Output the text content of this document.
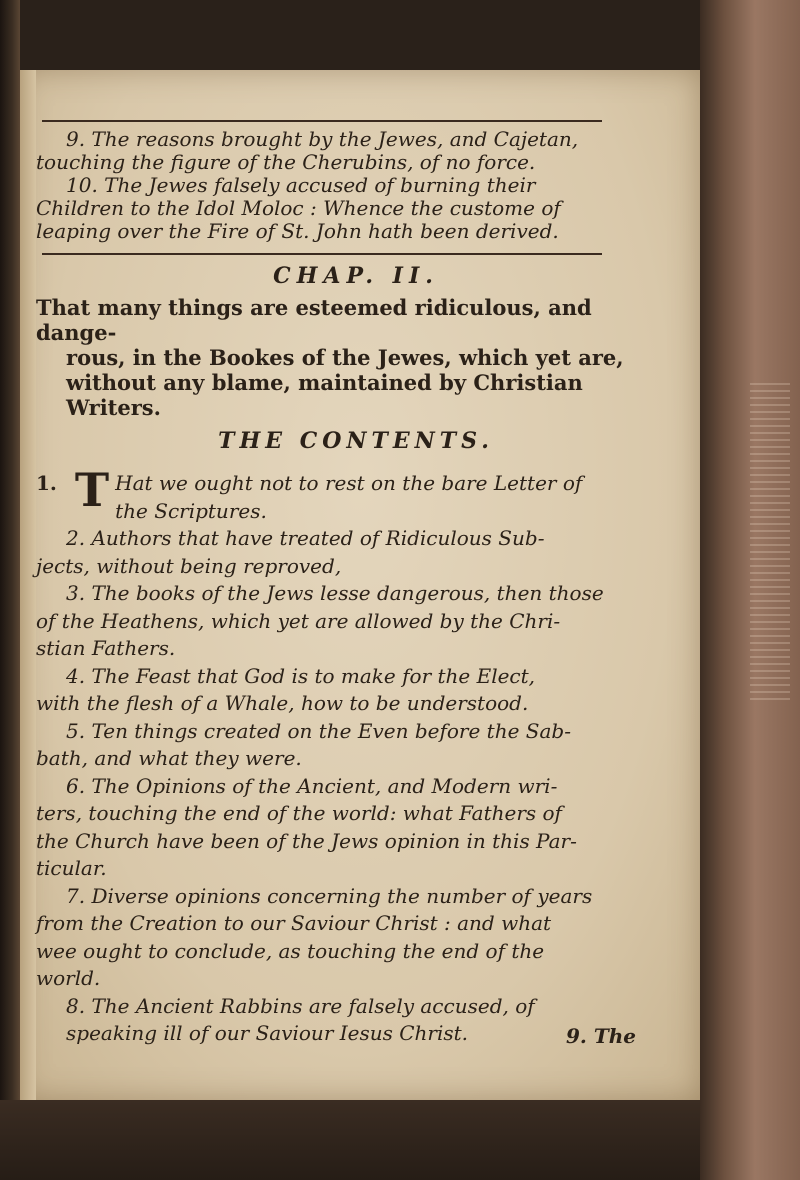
9. The reasons brought by the Jewes, and Cajetan,
touching the figure of the Cherubins, of no force.
10. The Jewes falsely accused of burning their
Children to the Idol Moloc : Whence the custome of
leaping over the Fire of St. John hath been derived.
CHAP. II.
That many things are esteemed ridiculous, and dange-
rous, in the Bookes of the Jewes, which yet are,
without any blame, maintained by Christian
Writers.
THE CONTENTS.
1. T Hat we ought not to rest on the bare Letter of
the Scriptures.
2. Authors that have treated of Ridiculous Sub-
jects, without being reproved,
3. The books of the Jews lesse dangerous, then those
of the Heathens, which yet are allowed by the Chri-
stian Fathers.
4. The Feast that God is to make for the Elect,
with the flesh of a Whale, how to be understood.
5. Ten things created on the Even before the Sab-
bath, and what they were.
6. The Opinions of the Ancient, and Modern wri-
ters, touching the end of the world: what Fathers of
the Church have been of the Jews opinion in this Par-
ticular.
7. Diverse opinions concerning the number of years
from the Creation to our Saviour Christ : and what
wee ought to conclude, as touching the end of the
world.
8. The Ancient Rabbins are falsely accused, of
speaking ill of our Saviour Iesus Christ.	9. The
